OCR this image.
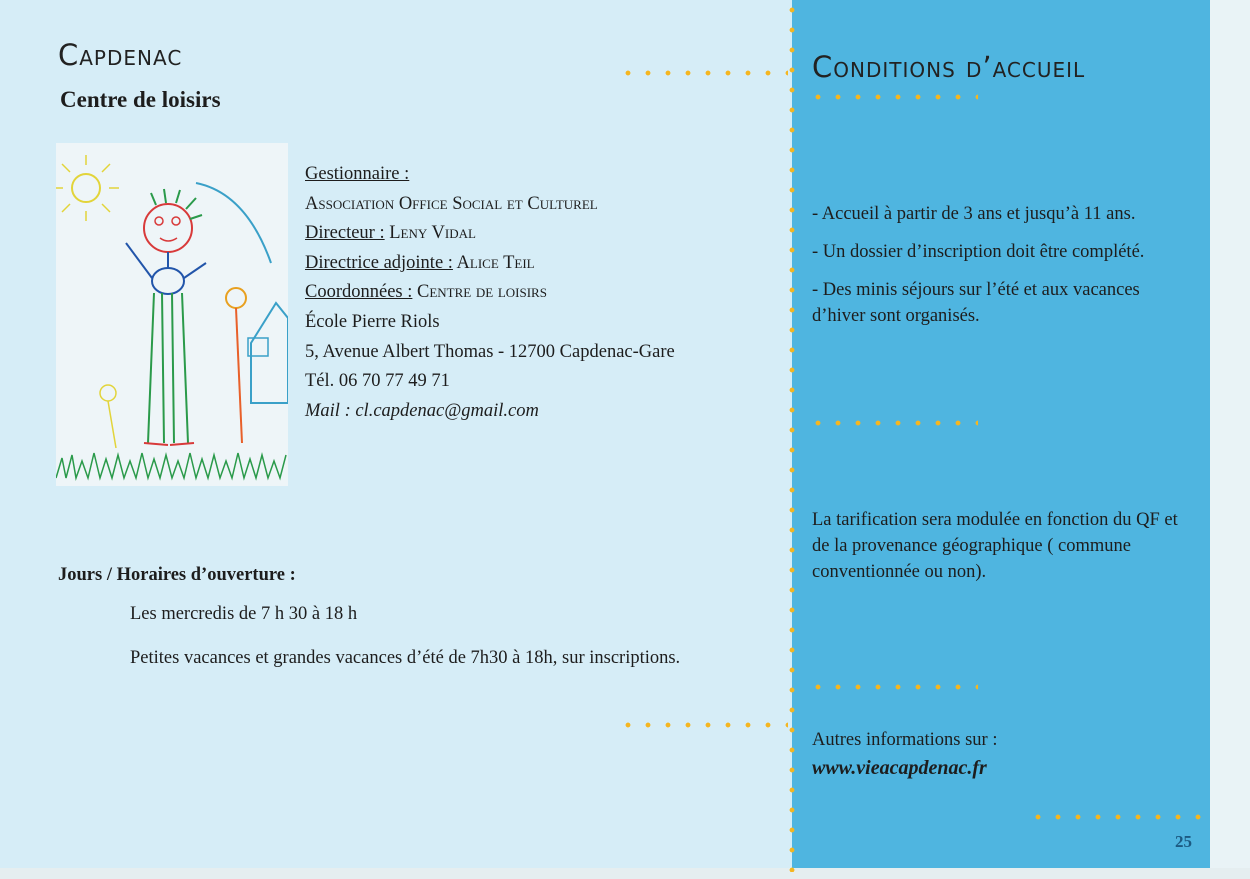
Capdenac
Centre de loisirs
Gestionnaire :
Association Office Social et Culturel
Directeur : Leny Vidal
Directrice adjointe : Alice Teil
Coordonnées : Centre de loisirs
École Pierre Riols
5, Avenue Albert Thomas - 12700 Capdenac-Gare
Tél. 06 70 77 49 71
Mail : cl.capdenac@gmail.com
Jours / Horaires d’ouverture :
Les mercredis de 7 h 30 à 18 h
Petites vacances et grandes vacances d’été de 7h30 à 18h, sur inscriptions.
Conditions d’accueil
- Accueil à partir de 3 ans et jusqu’à 11 ans.
- Un dossier d’inscription doit être complété.
- Des minis séjours sur l’été et aux vacances d’hiver sont organisés.
La tarification sera modulée en fonction du QF et de la provenance géographique ( commune conventionnée ou non).
Autres informations sur :
www.vieacapdenac.fr
25
